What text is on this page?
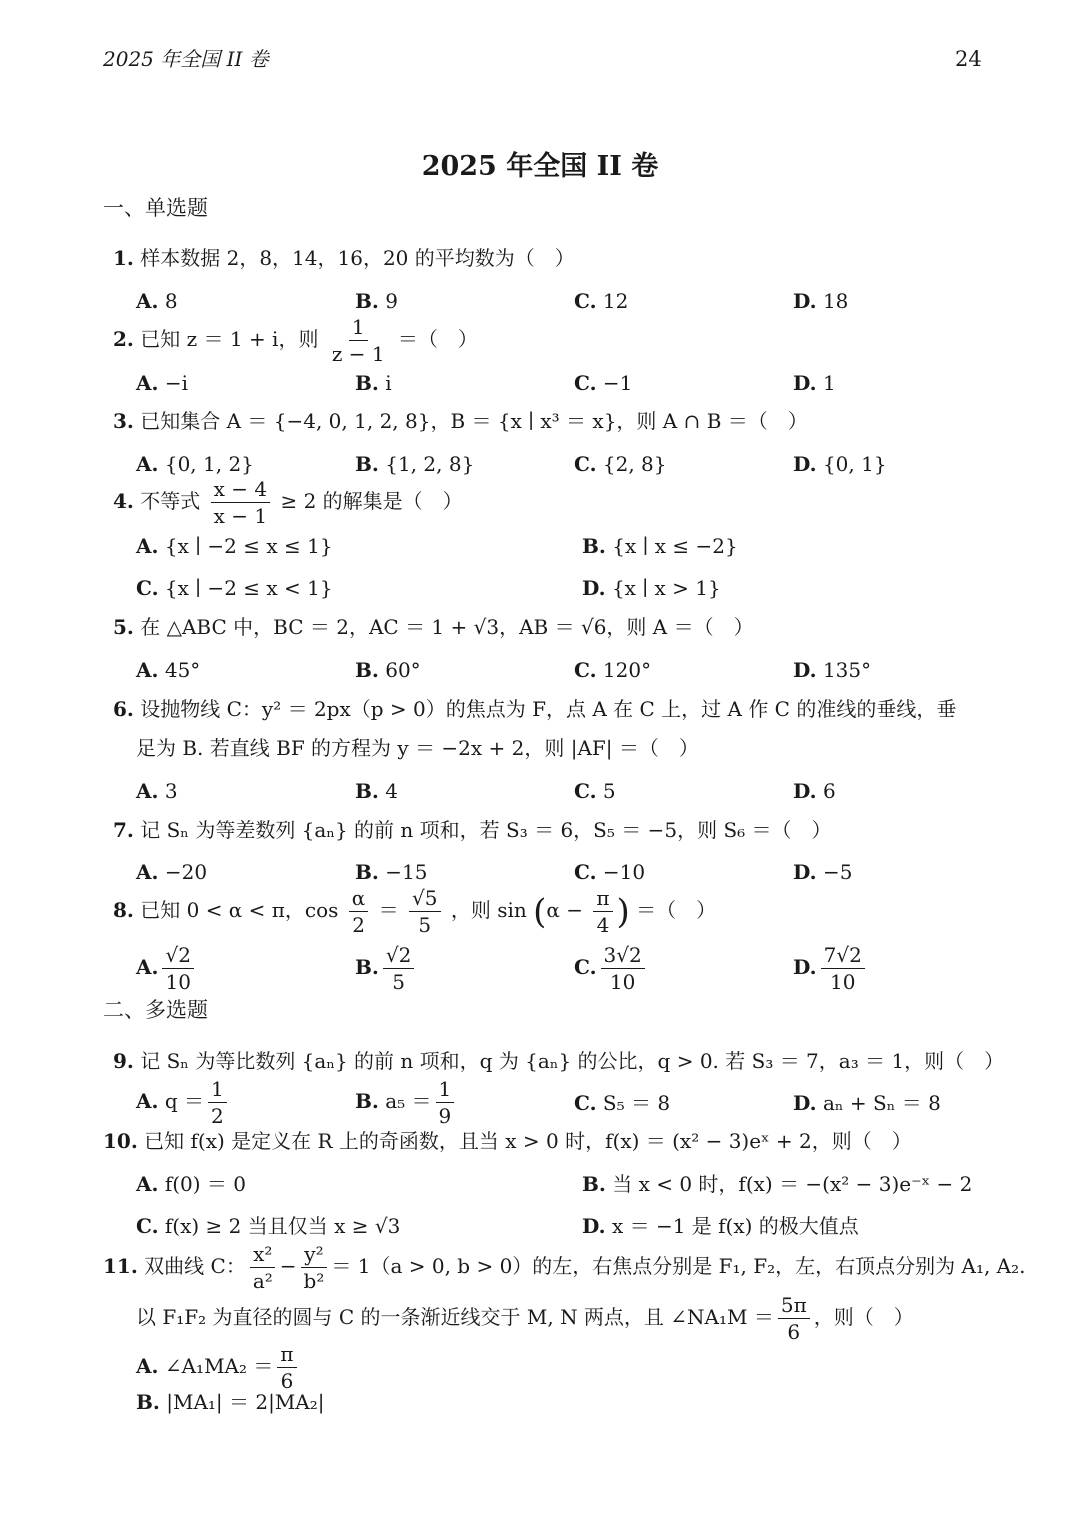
2025 年全国 II 卷	24
2025 年全国 II 卷
一、单选题
1. 样本数据 2，8，14，16，20 的平均数为（　）
A. 8	B. 9	C. 12	D. 18
2. 已知 z ＝ 1 + i，则 $\frac{1}{z - 1}$ ＝（　）
A. −i	B. i	C. −1	D. 1
3. 已知集合 A ＝ {−4, 0, 1, 2, 8}，B ＝ {x ∣ x³ ＝ x}，则 A ∩ B ＝（　）
A. {0, 1, 2}	B. {1, 2, 8}	C. {2, 8}	D. {0, 1}
4. 不等式 $\frac{x - 4}{x - 1} \ge 2$ 的解集是（　）
A. {x ∣ −2 ≤ x ≤ 1}	B. {x ∣ x ≤ −2}
C. {x ∣ −2 ≤ x < 1}	D. {x ∣ x > 1}
5. 在 △ABC 中，BC ＝ 2，AC ＝ 1 + √3，AB ＝ √6，则 A ＝（　）
A. 45°	B. 60°	C. 120°	D. 135°
6. 设抛物线 C：y² ＝ 2px（p > 0）的焦点为 F，点 A 在 C 上，过 A 作 C 的准线的垂线，垂
足为 B. 若直线 BF 的方程为 y ＝ −2x + 2，则 |AF| ＝（　）
A. 3	B. 4	C. 5	D. 6
7. 记 Sₙ 为等差数列 {aₙ} 的前 n 项和，若 S₃ ＝ 6，S₅ ＝ −5，则 S₆ ＝（　）
A. −20	B. −15	C. −10	D. −5
8. 已知 0 < α < π，$\cos \frac{\alpha}{2} = \frac{√5}{5}$ ，则 $\sin (\alpha - \frac{\pi}{4}$ ) ＝（　）
A. $\frac{√2}{10}$	B. $\frac{√2}{5}$	C. $\frac{3√2}{10}$	D. $\frac{7√2}{10}$
二、多选题
9. 记 Sₙ 为等比数列 {aₙ} 的前 n 项和，q 为 {aₙ} 的公比，q > 0. 若 S₃ ＝ 7，a₃ ＝ 1，则（　）
A. $q = \frac{1}{2}$	B. $a_5 = \frac{1}{9}$	C. S₅ ＝ 8	D. aₙ + Sₙ ＝ 8
10. 已知 f(x) 是定义在 R 上的奇函数，且当 x > 0 时，f(x) ＝ (x² − 3)eˣ + 2，则（　）
A. f(0) ＝ 0	B. 当 x < 0 时，f(x) ＝ −(x² − 3)e⁻ˣ − 2
C. f(x) ≥ 2 当且仅当 x ≥ √3	D. x ＝ −1 是 f(x) 的极大值点
11. 双曲线 C： $\frac{\text{x²}}{\text{a²}} - \frac{\text{y²}}{\text{b²}} = 1(a > 0$, b > 0）的左，右焦点分别是 F₁, F₂，左，右顶点分别为 A₁, A₂.
以 F₁F₂ 为直径的圆与 C 的一条渐近线交于 M, N 两点，且 ∠NA₁M ＝ $\frac{5\pi}{6}$ ，则（　）
A. ∠A₁MA₂ ＝ $\frac{\pi}{6}$
B. |MA₁| ＝ 2|MA₂|
